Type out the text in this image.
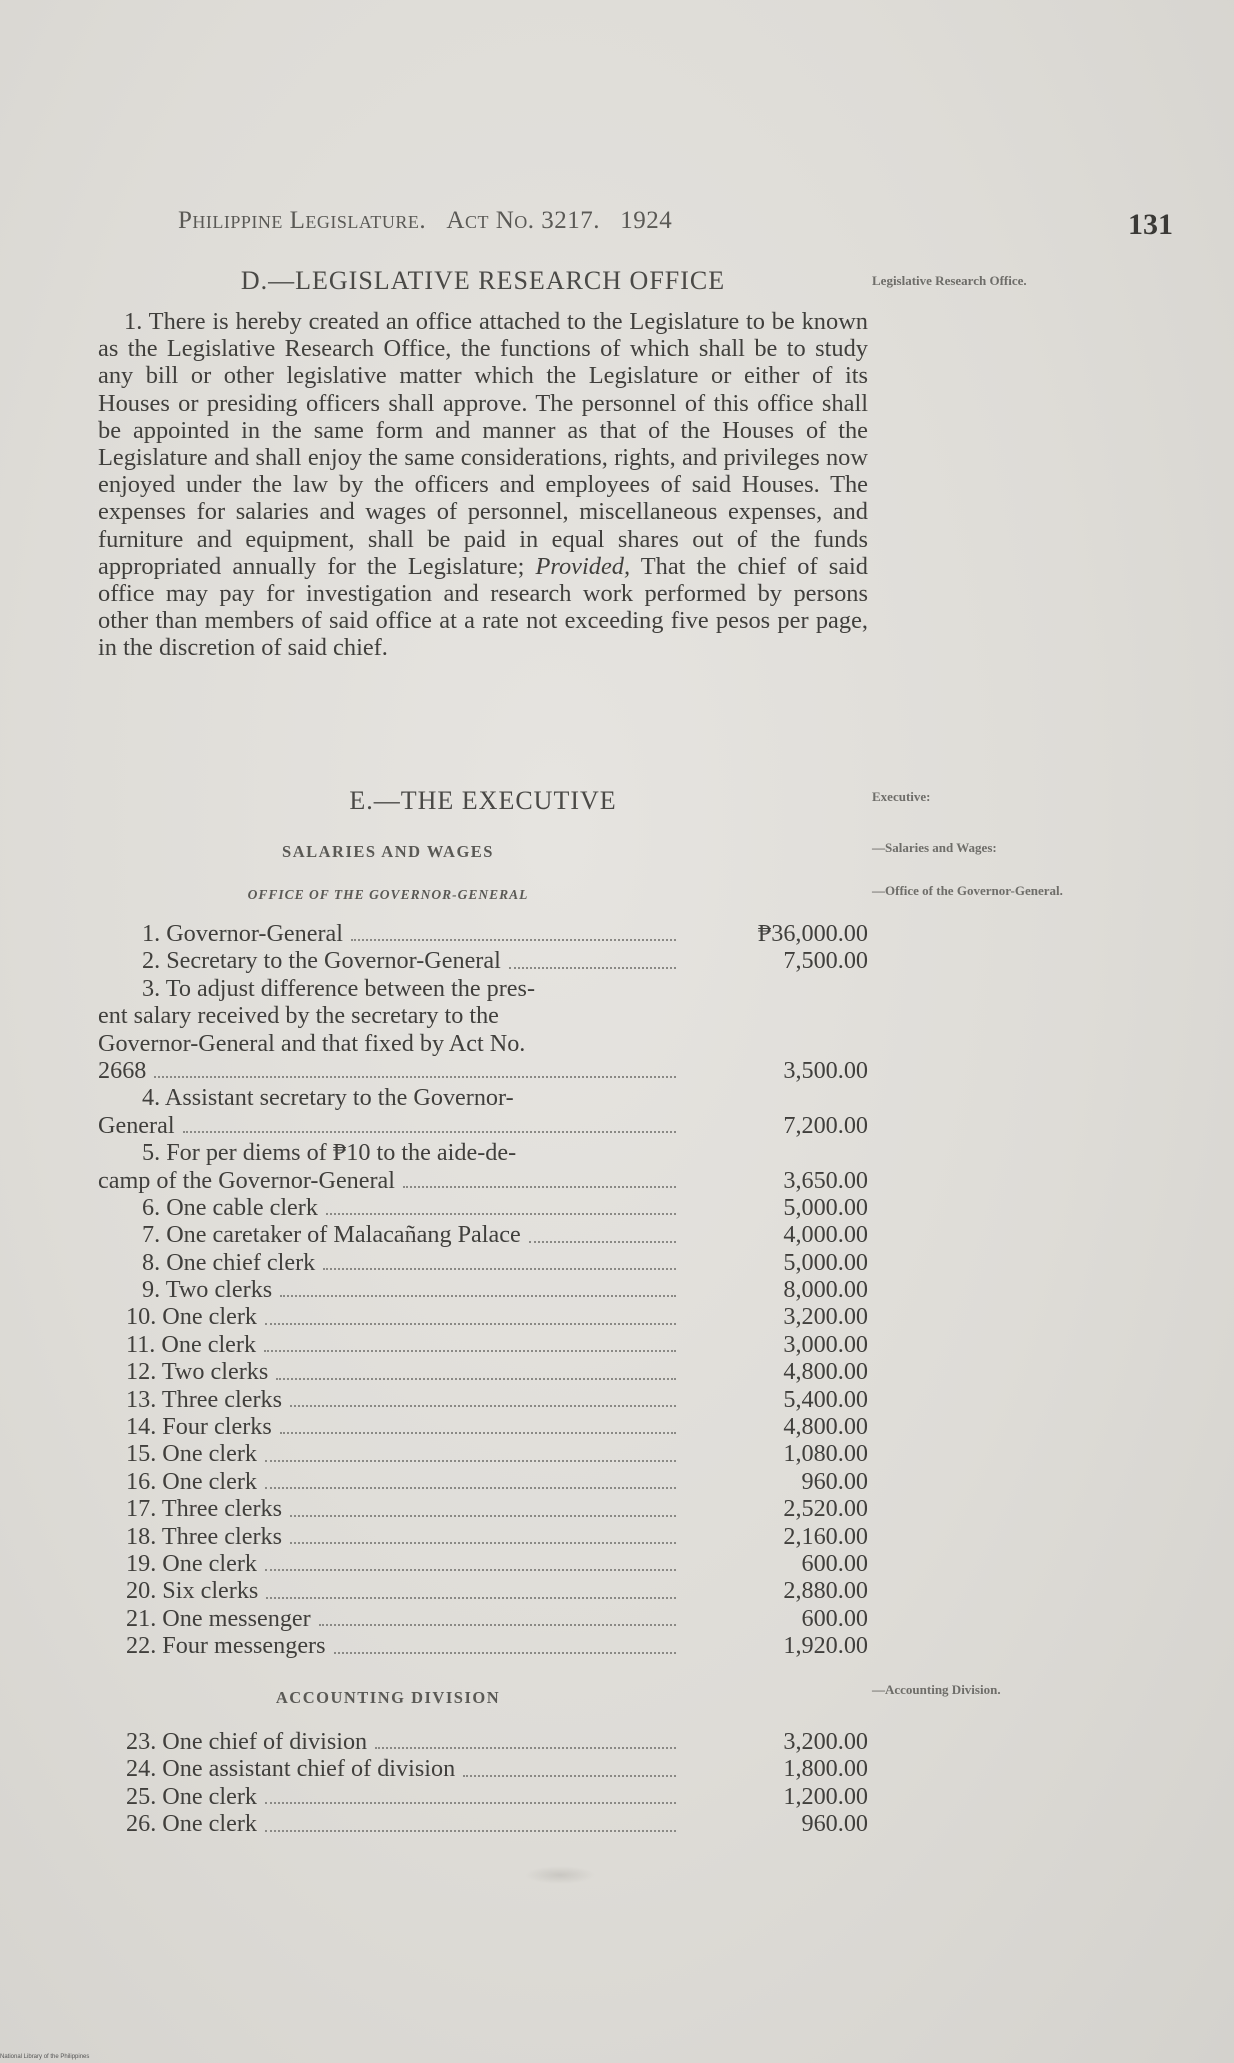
Philippine Legislature. Act No. 3217. 1924	131
D.—LEGISLATIVE RESEARCH OFFICE	Legislative Research Office.
1. There is hereby created an office attached to the Legislature to be known as the Legislative Research Office, the functions of which shall be to study any bill or other legislative matter which the Legislature or either of its Houses or presiding officers shall approve. The personnel of this office shall be appointed in the same form and manner as that of the Houses of the Legislature and shall enjoy the same considerations, rights, and privileges now enjoyed under the law by the officers and employees of said Houses. The expenses for salaries and wages of personnel, miscellaneous expenses, and furniture and equipment, shall be paid in equal shares out of the funds appropriated annually for the Legislature; Provided, That the chief of said office may pay for investigation and research work performed by persons other than members of said office at a rate not exceeding five pesos per page, in the discretion of said chief.
E.—THE EXECUTIVE	Executive:
SALARIES AND WAGES	—Salaries and Wages:
OFFICE OF THE GOVERNOR-GENERAL	—Office of the Governor-General.
1. Governor-General	₱36,000.00
2. Secretary to the Governor-General	7,500.00
3. To adjust difference between the pres-
ent salary received by the secretary to the
Governor-General and that fixed by Act No.
2668	3,500.00
4. Assistant secretary to the Governor-
General	7,200.00
5. For per diems of ₱10 to the aide-de-
camp of the Governor-General	3,650.00
6. One cable clerk	5,000.00
7. One caretaker of Malacañang Palace	4,000.00
8. One chief clerk	5,000.00
9. Two clerks	8,000.00
10. One clerk	3,200.00
11. One clerk	3,000.00
12. Two clerks	4,800.00
13. Three clerks	5,400.00
14. Four clerks	4,800.00
15. One clerk	1,080.00
16. One clerk	960.00
17. Three clerks	2,520.00
18. Three clerks	2,160.00
19. One clerk	600.00
20. Six clerks	2,880.00
21. One messenger	600.00
22. Four messengers	1,920.00
ACCOUNTING DIVISION	—Accounting Division.
23. One chief of division	3,200.00
24. One assistant chief of division	1,800.00
25. One clerk	1,200.00
26. One clerk	960.00
National Library of the Philippines
